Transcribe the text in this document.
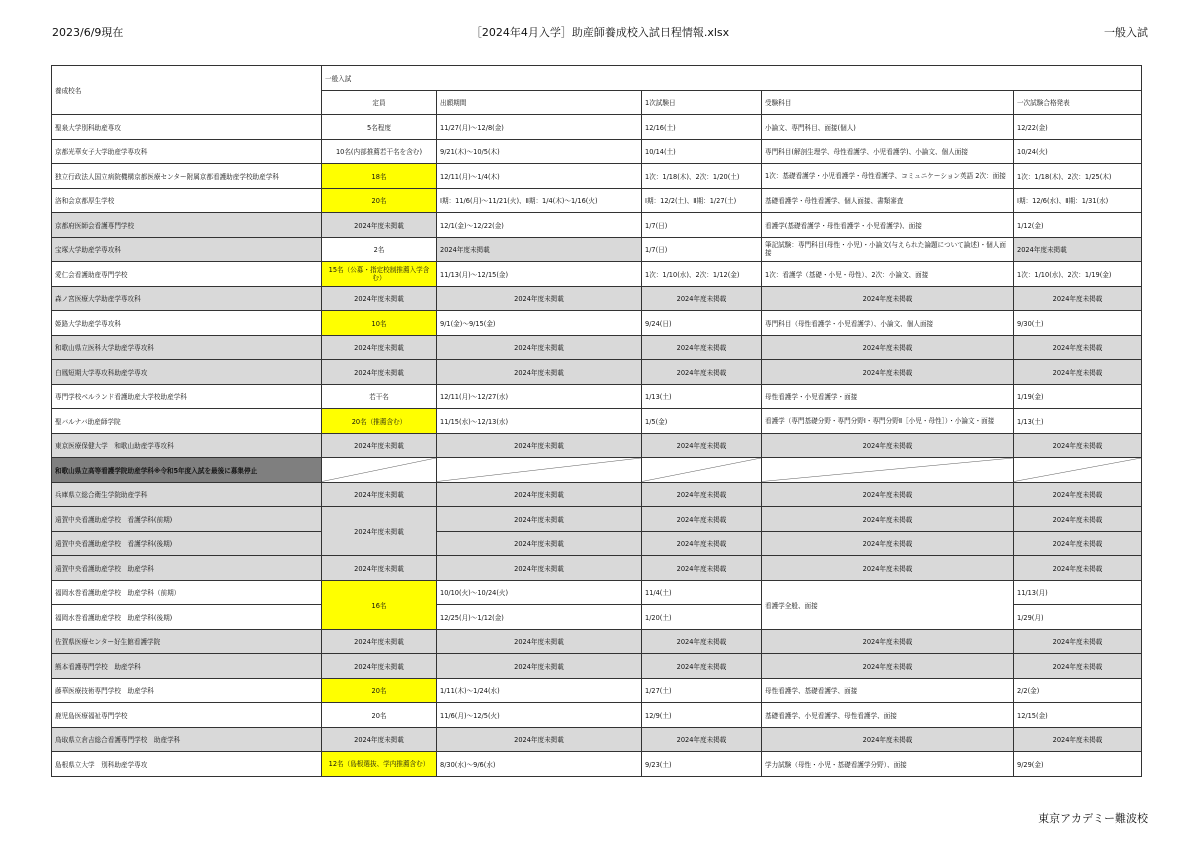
2023/6/9現在	［2024年4月入学］助産師養成校入試日程情報.xlsx	一般入試
養成校名	一般入試				
	定員	出願期間	1次試験日	受験科目	一次試験合格発表
聖泉大学別科助産専攻	5名程度	11/27(月)～12/8(金)	12/16(土)	小論文、専門科目、面接(個人)	12/22(金)
京都光華女子大学助産学専攻科	10名(内部推薦若干名を含む)	9/21(木)～10/5(木)	10/14(土)	専門科目(解剖生理学、母性看護学、小児看護学)、小論文、個人面接	10/24(火)
独立行政法人国立病院機構京都医療センター附属京都看護助産学校助産学科	18名	12/11(月)～1/4(木)	1次：1/18(木)、2次：1/20(土)	1次：基礎看護学・小児看護学・母性看護学、コミュニケーション英語 2次：面接	1次：1/18(木)、2次：1/25(木)
洛和会京都厚生学校	20名	Ⅰ期：11/6(月)～11/21(火)、Ⅱ期：1/4(木)～1/16(火)	Ⅰ期：12/2(土)、Ⅱ期：1/27(土)	基礎看護学・母性看護学、個人面接、書類審査	Ⅰ期：12/6(水)、Ⅱ期：1/31(水)
京都府医師会看護専門学校	2024年度未掲載	12/1(金)～12/22(金)	1/7(日)	看護学(基礎看護学・母性看護学・小児看護学)、面接	1/12(金)
宝塚大学助産学専攻科	2名	2024年度未掲載	1/7(日)	筆記試験：専門科目(母性・小児)・小論文(与えられた論題について論述)・個人面接	2024年度未掲載
愛仁会看護助産専門学校	15名（公募・指定校制推薦入学含む）	11/13(月)～12/15(金)	1次：1/10(水)、2次：1/12(金)	1次：看護学（基礎・小児・母性）、2次：小論文、面接	1次：1/10(水)、2次：1/19(金)
森ノ宮医療大学助産学専攻科	2024年度未掲載	2024年度未掲載	2024年度未掲載	2024年度未掲載	2024年度未掲載
姫路大学助産学専攻科	10名	9/1(金)～9/15(金)	9/24(日)	専門科目（母性看護学・小児看護学）、小論文、個人面接	9/30(土)
和歌山県立医科大学助産学専攻科	2024年度未掲載	2024年度未掲載	2024年度未掲載	2024年度未掲載	2024年度未掲載
白鳳短期大学専攻科助産学専攻	2024年度未掲載	2024年度未掲載	2024年度未掲載	2024年度未掲載	2024年度未掲載
専門学校ベルランド看護助産大学校助産学科	若干名	12/11(月)～12/27(水)	1/13(土)	母性看護学・小児看護学・面接	1/19(金)
聖バルナバ助産師学院	20名（推薦含む）	11/15(水)～12/13(水)	1/5(金)	看護学（専門基礎分野・専門分野Ⅰ・専門分野Ⅱ［小児・母性］）・小論文・面接	1/13(土)
東京医療保健大学　和歌山助産学専攻科	2024年度未掲載	2024年度未掲載	2024年度未掲載	2024年度未掲載	2024年度未掲載
和歌山県立高等看護学院助産学科※令和5年度入試を最後に募集停止	

兵庫県立総合衛生学院助産学科	2024年度未掲載	2024年度未掲載	2024年度未掲載	2024年度未掲載	2024年度未掲載
遠賀中央看護助産学校　看護学科(前期)	2024年度未掲載	2024年度未掲載	2024年度未掲載	2024年度未掲載	2024年度未掲載
遠賀中央看護助産学校　看護学科(後期)		2024年度未掲載	2024年度未掲載	2024年度未掲載	2024年度未掲載
遠賀中央看護助産学校　助産学科	2024年度未掲載	2024年度未掲載	2024年度未掲載	2024年度未掲載	2024年度未掲載
福岡水巻看護助産学校　助産学科（前期）	16名	10/10(火)～10/24(火)	11/4(土)	看護学全般、面接	11/13(月)
福岡水巻看護助産学校　助産学科(後期)		12/25(月)～1/12(金)	1/20(土)		1/29(月)
佐賀県医療センター好生館看護学院	2024年度未掲載	2024年度未掲載	2024年度未掲載	2024年度未掲載	2024年度未掲載
熊本看護専門学校　助産学科	2024年度未掲載	2024年度未掲載	2024年度未掲載	2024年度未掲載	2024年度未掲載
藤華医療技術専門学校　助産学科	20名	1/11(木)～1/24(水)	1/27(土)	母性看護学、基礎看護学、面接	2/2(金)
鹿児島医療福祉専門学校	20名	11/6(月)～12/5(火)	12/9(土)	基礎看護学、小児看護学、母性看護学、面接	12/15(金)
鳥取県立倉吉総合看護専門学校　助産学科	2024年度未掲載	2024年度未掲載	2024年度未掲載	2024年度未掲載	2024年度未掲載
島根県立大学　別科助産学専攻	12名（島根選抜、学内推薦含む）	8/30(水)～9/6(水)	9/23(土)	学力試験（母性・小児・基礎看護学分野）、面接	9/29(金)
東京アカデミー難波校
